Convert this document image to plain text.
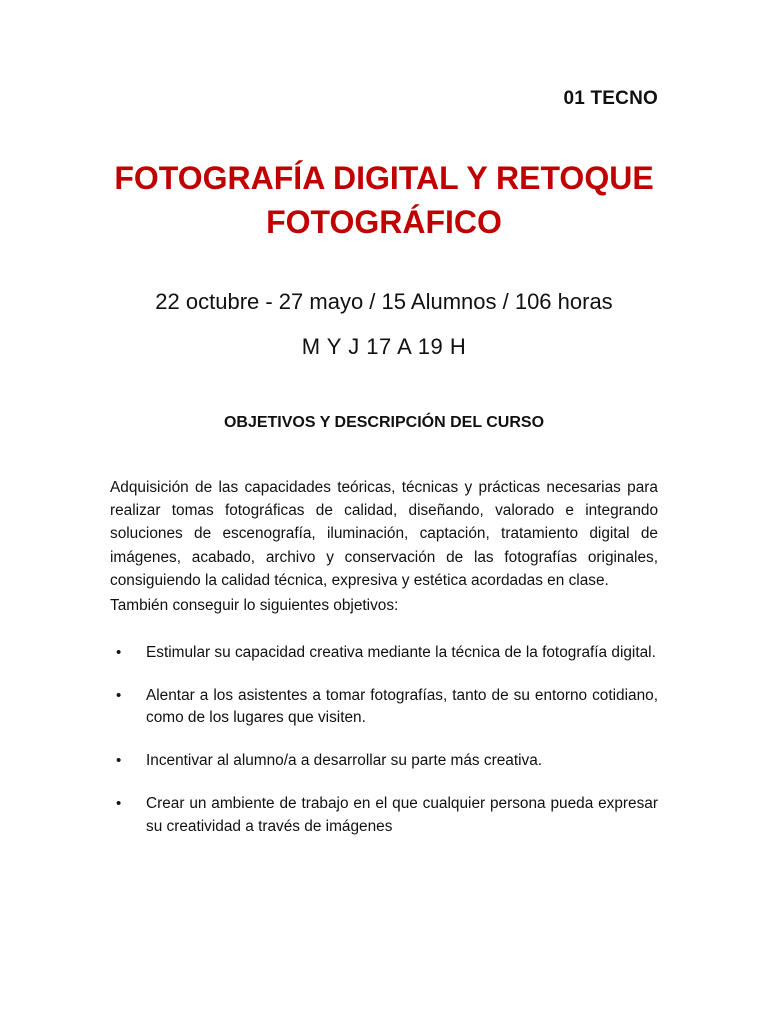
01 TECNO
FOTOGRAFÍA DIGITAL Y RETOQUE
FOTOGRÁFICO
22 octubre - 27 mayo / 15 Alumnos / 106 horas
M Y J 17 A 19 H
OBJETIVOS Y DESCRIPCIÓN DEL CURSO

Adquisición de las capacidades teóricas, técnicas y prácticas necesarias para realizar tomas fotográficas de calidad, diseñando, valorado e integrando soluciones de escenografía, iluminación, captación, tratamiento digital de imágenes, acabado, archivo y conservación de las fotografías originales, consiguiendo la calidad técnica, expresiva y estética acordadas en clase.

También conseguir lo siguientes objetivos:

• Estimular su capacidad creativa mediante la técnica de la fotografía digital.
• Alentar a los asistentes a tomar fotografías, tanto de su entorno cotidiano, como de los lugares que visiten.
• Incentivar al alumno/a a desarrollar su parte más creativa.
• Crear un ambiente de trabajo en el que cualquier persona pueda expresar su creatividad a través de imágenes
